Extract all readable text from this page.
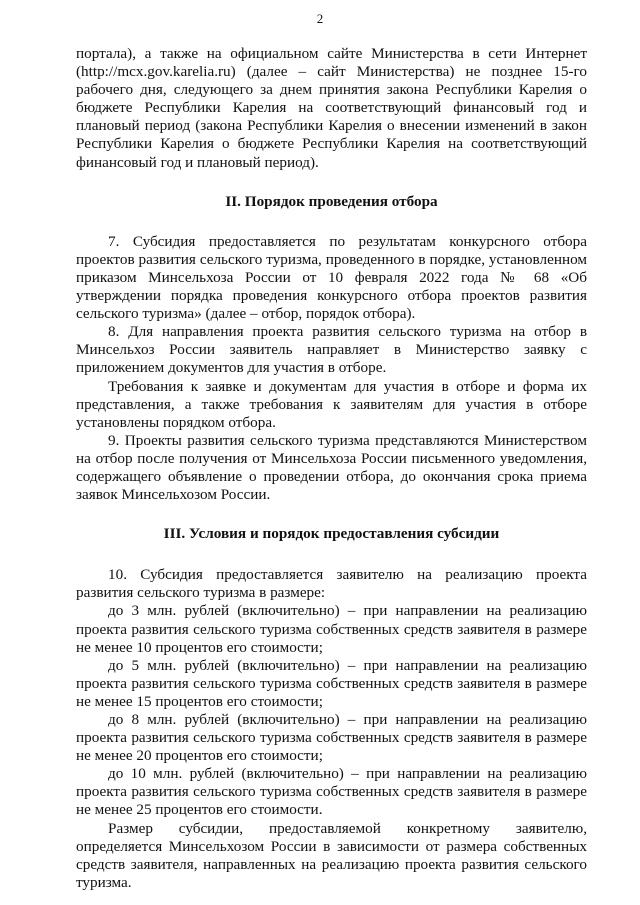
2

портала), а также на официальном сайте Министерства в сети Интернет (http://mcx.gov.karelia.ru) (далее – сайт Министерства) не позднее 15-го рабочего дня, следующего за днем принятия закона Республики Карелия о бюджете Республики Карелия на соответствующий финансовый год и плановый период (закона Республики Карелия о внесении изменений в закон Республики Карелия о бюджете Республики Карелия на соответствующий финансовый год и плановый период).

II. Порядок проведения отбора

7. Субсидия предоставляется по результатам конкурсного отбора проектов развития сельского туризма, проведенного в порядке, установленном приказом Минсельхоза России от 10 февраля 2022 года № 68 «Об утверждении порядка проведения конкурсного отбора проектов развития сельского туризма» (далее – отбор, порядок отбора).

8. Для направления проекта развития сельского туризма на отбор в Минсельхоз России заявитель направляет в Министерство заявку с приложением документов для участия в отборе.

Требования к заявке и документам для участия в отборе и форма их представления, а также требования к заявителям для участия в отборе установлены порядком отбора.

9. Проекты развития сельского туризма представляются Министерством на отбор после получения от Минсельхоза России письменного уведомления, содержащего объявление о проведении отбора, до окончания срока приема заявок Минсельхозом России.

III. Условия и порядок предоставления субсидии

10. Субсидия предоставляется заявителю на реализацию проекта развития сельского туризма в размере:

до 3 млн. рублей (включительно) – при направлении на реализацию проекта развития сельского туризма собственных средств заявителя в размере не менее 10 процентов его стоимости;

до 5 млн. рублей (включительно) – при направлении на реализацию проекта развития сельского туризма собственных средств заявителя в размере не менее 15 процентов его стоимости;

до 8 млн. рублей (включительно) – при направлении на реализацию проекта развития сельского туризма собственных средств заявителя в размере не менее 20 процентов его стоимости;

до 10 млн. рублей (включительно) – при направлении на реализацию проекта развития сельского туризма собственных средств заявителя в размере не менее 25 процентов его стоимости.

Размер субсидии, предоставляемой конкретному заявителю, определяется Минсельхозом России в зависимости от размера собственных средств заявителя, направленных на реализацию проекта развития сельского туризма.
